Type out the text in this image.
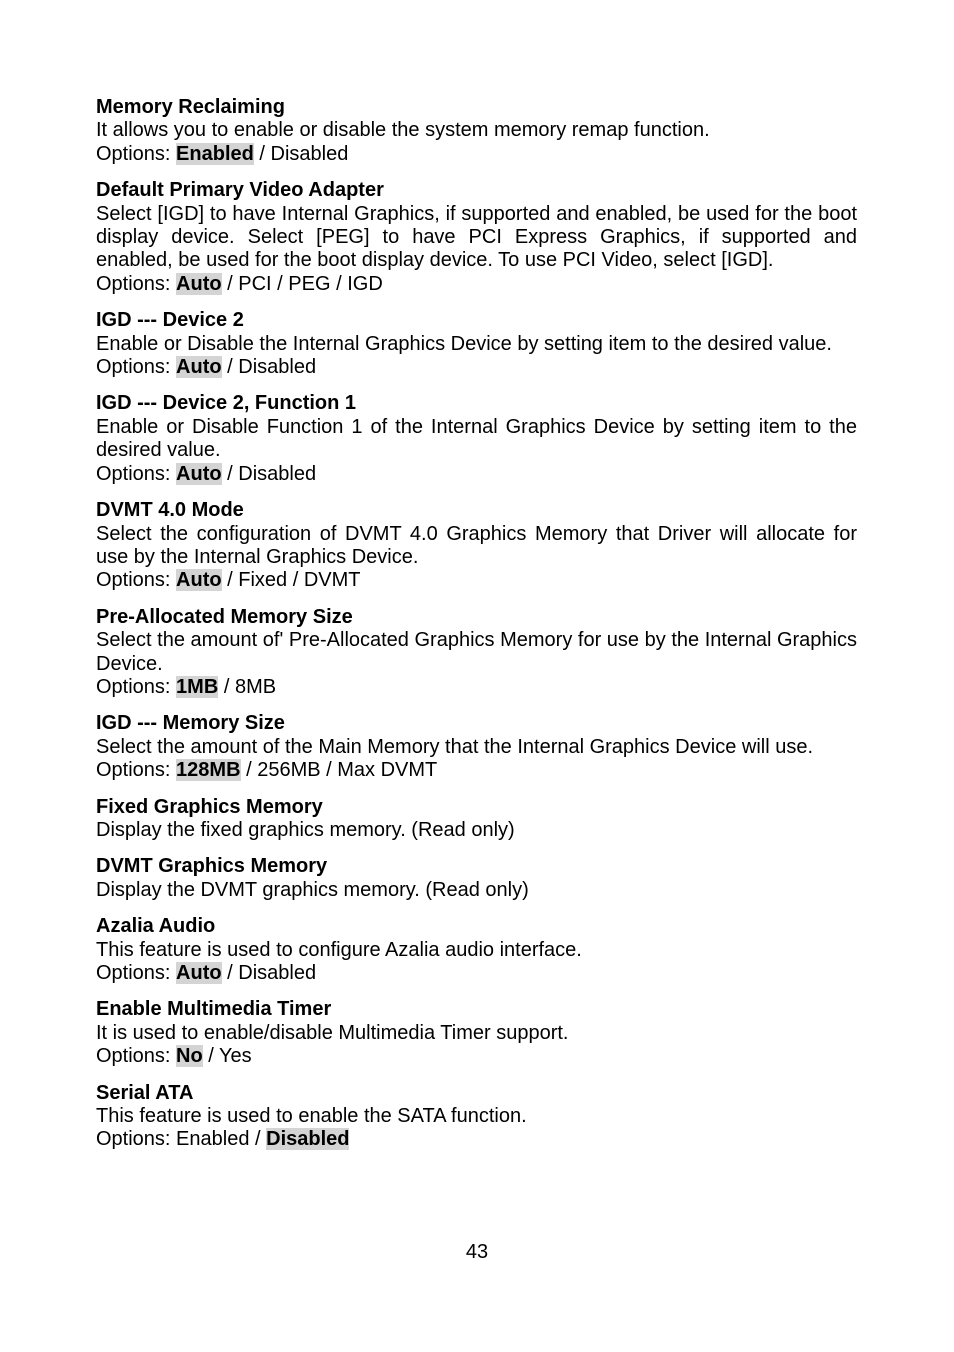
Memory Reclaiming
It allows you to enable or disable the system memory remap function.
Options: Enabled / Disabled
Default Primary Video Adapter
Select [IGD] to have Internal Graphics, if supported and enabled, be used for the boot display device. Select [PEG] to have PCI Express Graphics, if supported and enabled, be used for the boot display device. To use PCI Video, select [IGD].
Options: Auto / PCI / PEG / IGD
IGD --- Device 2
Enable or Disable the Internal Graphics Device by setting item to the desired value.
Options: Auto / Disabled
IGD --- Device 2, Function 1
Enable or Disable Function 1 of the Internal Graphics Device by setting item to the desired value.
Options: Auto / Disabled
DVMT 4.0 Mode
Select the configuration of DVMT 4.0 Graphics Memory that Driver will allocate for use by the Internal Graphics Device.
Options: Auto / Fixed / DVMT
Pre-Allocated Memory Size
Select the amount of' Pre-Allocated Graphics Memory for use by the Internal Graphics Device.
Options: 1MB / 8MB
IGD --- Memory Size
Select the amount of the Main Memory that the Internal Graphics Device will use.
Options: 128MB / 256MB / Max DVMT
Fixed Graphics Memory
Display the fixed graphics memory. (Read only)
DVMT Graphics Memory
Display the DVMT graphics memory. (Read only)
Azalia Audio
This feature is used to configure Azalia audio interface.
Options: Auto / Disabled
Enable Multimedia Timer
It is used to enable/disable Multimedia Timer support.
Options: No / Yes
Serial ATA
This feature is used to enable the SATA function.
Options: Enabled / Disabled
43
